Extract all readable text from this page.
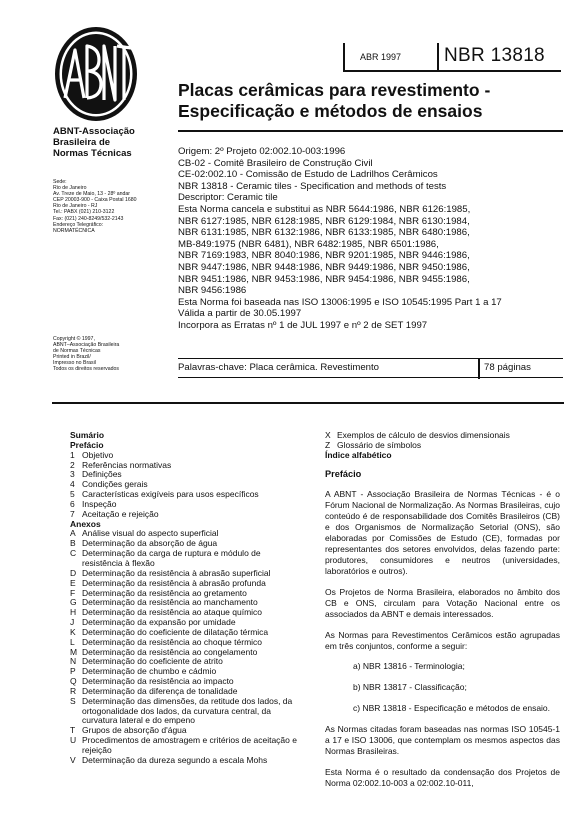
ABNT-Associação
Brasileira de
Normas Técnicas
Sede:
Rio de Janeiro
Av. Treze de Maio, 13 - 28º andar
CEP 20003-900 - Caixa Postal 1680
Rio de Janeiro - RJ
Tel.: PABX (021) 210-3122
Fax: (021) 240-8249/532-2143
Endereço Telegráfico:
NORMATÉCNICA
Copyright © 1997,
ABNT–Associação Brasileira
de Normas Técnicas
Printed in Brazil/
Impresso no Brasil
Todos os direitos reservados
ABR 1997 NBR 13818
Placas cerâmicas para revestimento -
Especificação e métodos de ensaios
Origem: 2º Projeto 02:002.10-003:1996
CB-02 - Comitê Brasileiro de Construção Civil
CE-02:002.10 - Comissão de Estudo de Ladrilhos Cerâmicos
NBR 13818 - Ceramic tiles - Specification and methods of tests
Descriptor: Ceramic tile
Esta Norma cancela e substitui as NBR 5644:1986, NBR 6126:1985,
NBR 6127:1985, NBR 6128:1985, NBR 6129:1984, NBR 6130:1984,
NBR 6131:1985, NBR 6132:1986, NBR 6133:1985, NBR 6480:1986,
MB-849:1975 (NBR 6481), NBR 6482:1985, NBR 6501:1986,
NBR 7169:1983, NBR 8040:1986, NBR 9201:1985, NBR 9446:1986,
NBR 9447:1986, NBR 9448:1986, NBR 9449:1986, NBR 9450:1986,
NBR 9451:1986, NBR 9453:1986, NBR 9454:1986, NBR 9455:1986,
NBR 9456:1986
Esta Norma foi baseada nas ISO 13006:1995 e ISO 10545:1995 Part 1 a 17
Válida a partir de 30.05.1997
Incorpora as Erratas nº 1 de JUL 1997 e nº 2 de SET 1997
Palavras-chave: Placa cerâmica. Revestimento	78 páginas
Sumário
Prefácio
1 Objetivo
2 Referências normativas
3 Definições
4 Condições gerais
5 Características exigíveis para usos específicos
6 Inspeção
7 Aceitação e rejeição
Anexos
A Análise visual do aspecto superficial
B Determinação da absorção de água
C Determinação da carga de ruptura e módulo de resistência à flexão
D Determinação da resistência à abrasão superficial
E Determinação da resistência à abrasão profunda
F Determinação da resistência ao gretamento
G Determinação da resistência ao manchamento
H Determinação da resistência ao ataque químico
J Determinação da expansão por umidade
K Determinação do coeficiente de dilatação térmica
L Determinação da resistência ao choque térmico
M Determinação da resistência ao congelamento
N Determinação do coeficiente de atrito
P Determinação de chumbo e cádmio
Q Determinação da resistência ao impacto
R Determinação da diferença de tonalidade
S Determinação das dimensões, da retitude dos lados, da ortogonalidade dos lados, da curvatura central, da curvatura lateral e do empeno
T Grupos de absorção d'água
U Procedimentos de amostragem e critérios de aceitação e rejeição
V Determinação da dureza segundo a escala Mohs
X Exemplos de cálculo de desvios dimensionais
Z Glossário de símbolos
Índice alfabético
Prefácio

A ABNT - Associação Brasileira de Normas Técnicas - é o Fórum Nacional de Normalização. As Normas Brasileiras, cujo conteúdo é de responsabilidade dos Comitês Brasileiros (CB) e dos Organismos de Normalização Setorial (ONS), são elaboradas por Comissões de Estudo (CE), formadas por representantes dos setores envolvidos, delas fazendo parte: produtores, consumidores e neutros (universidades, laboratórios e outros).

Os Projetos de Norma Brasileira, elaborados no âmbito dos CB e ONS, circulam para Votação Nacional entre os associados da ABNT e demais interessados.

As Normas para Revestimentos Cerâmicos estão agrupadas em três conjuntos, conforme a seguir:

a) NBR 13816 - Terminologia;

b) NBR 13817 - Classificação;

c) NBR 13818 - Especificação e métodos de ensaio.

As Normas citadas foram baseadas nas normas ISO 10545-1 a 17 e ISO 13006, que contemplam os mesmos aspectos das Normas Brasileiras.

Esta Norma é o resultado da condensação dos Projetos de Norma 02:002.10-003 a 02:002.10-011,
